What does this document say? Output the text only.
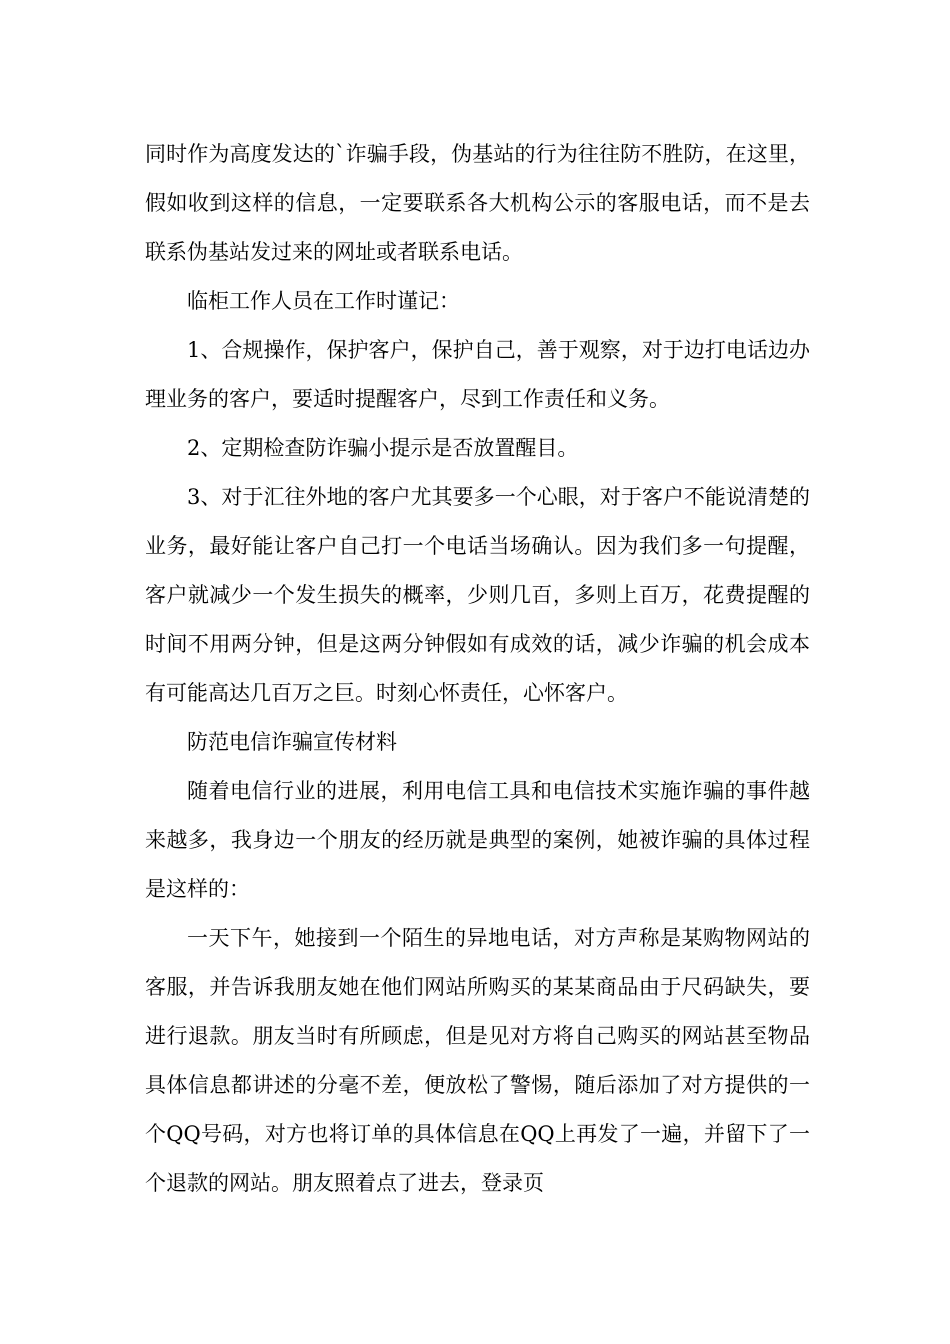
同时作为高度发达的`诈骗手段，伪基站的行为往往防不胜防，在这里，假如收到这样的信息，一定要联系各大机构公示的客服电话，而不是去联系伪基站发过来的网址或者联系电话。

临柜工作人员在工作时谨记：

1、合规操作，保护客户，保护自己，善于观察，对于边打电话边办理业务的客户，要适时提醒客户，尽到工作责任和义务。

2、定期检查防诈骗小提示是否放置醒目。

3、对于汇往外地的客户尤其要多一个心眼，对于客户不能说清楚的业务，最好能让客户自己打一个电话当场确认。因为我们多一句提醒，客户就减少一个发生损失的概率，少则几百，多则上百万，花费提醒的时间不用两分钟，但是这两分钟假如有成效的话，减少诈骗的机会成本有可能高达几百万之巨。时刻心怀责任，心怀客户。

防范电信诈骗宣传材料

随着电信行业的进展，利用电信工具和电信技术实施诈骗的事件越来越多，我身边一个朋友的经历就是典型的案例，她被诈骗的具体过程是这样的：

一天下午，她接到一个陌生的异地电话，对方声称是某购物网站的客服，并告诉我朋友她在他们网站所购买的某某商品由于尺码缺失，要进行退款。朋友当时有所顾虑，但是见对方将自己购买的网站甚至物品具体信息都讲述的分毫不差，便放松了警惕，随后添加了对方提供的一个QQ号码，对方也将订单的具体信息在QQ上再发了一遍，并留下了一个退款的网站。朋友照着点了进去，登录页
